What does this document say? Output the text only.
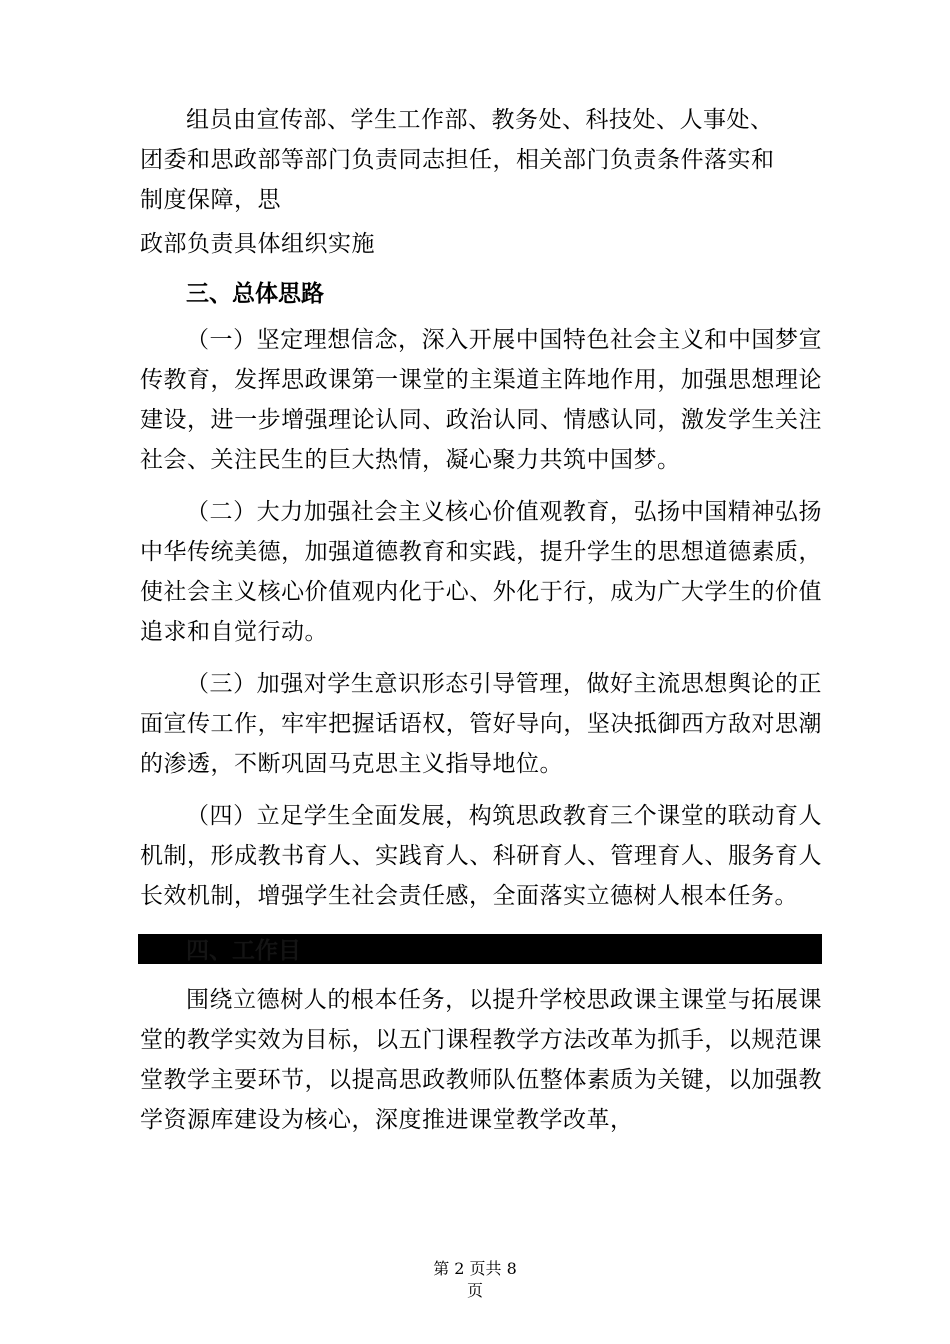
组员由宣传部、学生工作部、教务处、科技处、人事处、
团委和思政部等部门负责同志担任，相关部门负责条件落实和
制度保障，思
政部负责具体组织实施

三、总体思路

（一）坚定理想信念，深入开展中国特色社会主义和中国梦宣传教育，发挥思政课第一课堂的主渠道主阵地作用，加强思想理论建设，进一步增强理论认同、政治认同、情感认同，激发学生关注社会、关注民生的巨大热情，凝心聚力共筑中国梦。

（二）大力加强社会主义核心价值观教育，弘扬中国精神弘扬中华传统美德，加强道德教育和实践，提升学生的思想道德素质，使社会主义核心价值观内化于心、外化于行，成为广大学生的价值追求和自觉行动。

（三）加强对学生意识形态引导管理，做好主流思想舆论的正面宣传工作，牢牢把握话语权，管好导向，坚决抵御西方敌对思潮的渗透，不断巩固马克思主义指导地位。

（四）立足学生全面发展，构筑思政教育三个课堂的联动育人机制，形成教书育人、实践育人、科研育人、管理育人、服务育人长效机制，增强学生社会责任感，全面落实立德树人根本任务。

四、工作目

围绕立德树人的根本任务，以提升学校思政课主课堂与拓展课堂的教学实效为目标，以五门课程教学方法改革为抓手，以规范课堂教学主要环节，以提高思政教师队伍整体素质为关键，以加强教学资源库建设为核心，深度推进课堂教学改革，

第 2 页共 8
页
